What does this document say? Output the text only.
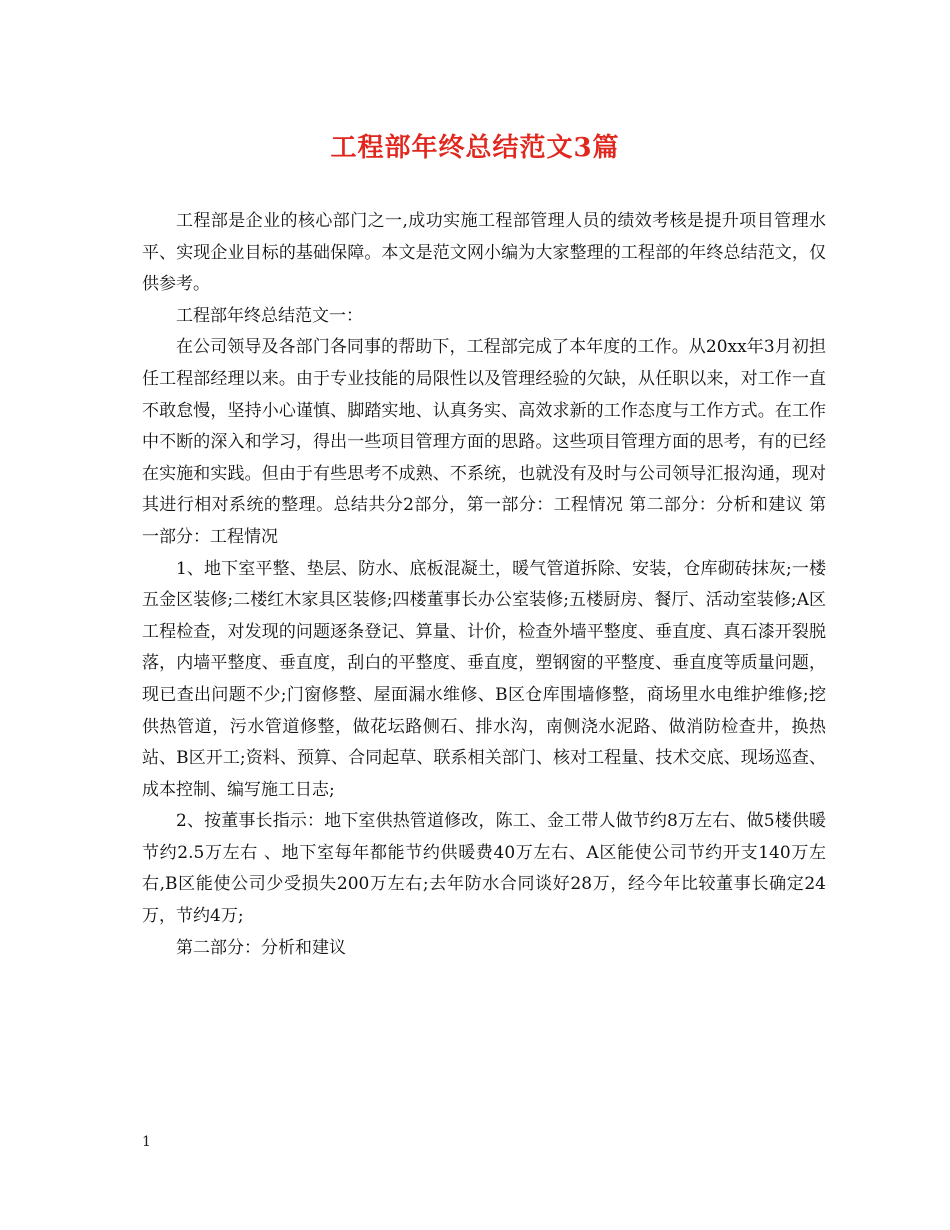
工程部年终总结范文3篇

工程部是企业的核心部门之一,成功实施工程部管理人员的绩效考核是提升项目管理水平、实现企业目标的基础保障。本文是范文网小编为大家整理的工程部的年终总结范文，仅供参考。

工程部年终总结范文一：

在公司领导及各部门各同事的帮助下，工程部完成了本年度的工作。从20xx年3月初担任工程部经理以来。由于专业技能的局限性以及管理经验的欠缺，从任职以来，对工作一直不敢怠慢，坚持小心谨慎、脚踏实地、认真务实、高效求新的工作态度与工作方式。在工作中不断的深入和学习，得出一些项目管理方面的思路。这些项目管理方面的思考，有的已经在实施和实践。但由于有些思考不成熟、不系统，也就没有及时与公司领导汇报沟通，现对其进行相对系统的整理。总结共分2部分，第一部分：工程情况 第二部分：分析和建议 第一部分：工程情况

1、地下室平整、垫层、防水、底板混凝土，暖气管道拆除、安装，仓库砌砖抹灰;一楼五金区装修;二楼红木家具区装修;四楼董事长办公室装修;五楼厨房、餐厅、活动室装修;A区工程检查，对发现的问题逐条登记、算量、计价，检查外墙平整度、垂直度、真石漆开裂脱落，内墙平整度、垂直度，刮白的平整度、垂直度，塑钢窗的平整度、垂直度等质量问题，现已查出问题不少;门窗修整、屋面漏水维修、B区仓库围墙修整，商场里水电维护维修;挖供热管道，污水管道修整，做花坛路侧石、排水沟，南侧浇水泥路、做消防检查井，换热站、B区开工;资料、预算、合同起草、联系相关部门、核对工程量、技术交底、现场巡查、成本控制、编写施工日志;

2、按董事长指示：地下室供热管道修改，陈工、金工带人做节约8万左右、做5楼供暖节约2.5万左右 、地下室每年都能节约供暖费40万左右、A区能使公司节约开支140万左右,B区能使公司少受损失200万左右;去年防水合同谈好28万，经今年比较董事长确定24万，节约4万;

第二部分：分析和建议

1
